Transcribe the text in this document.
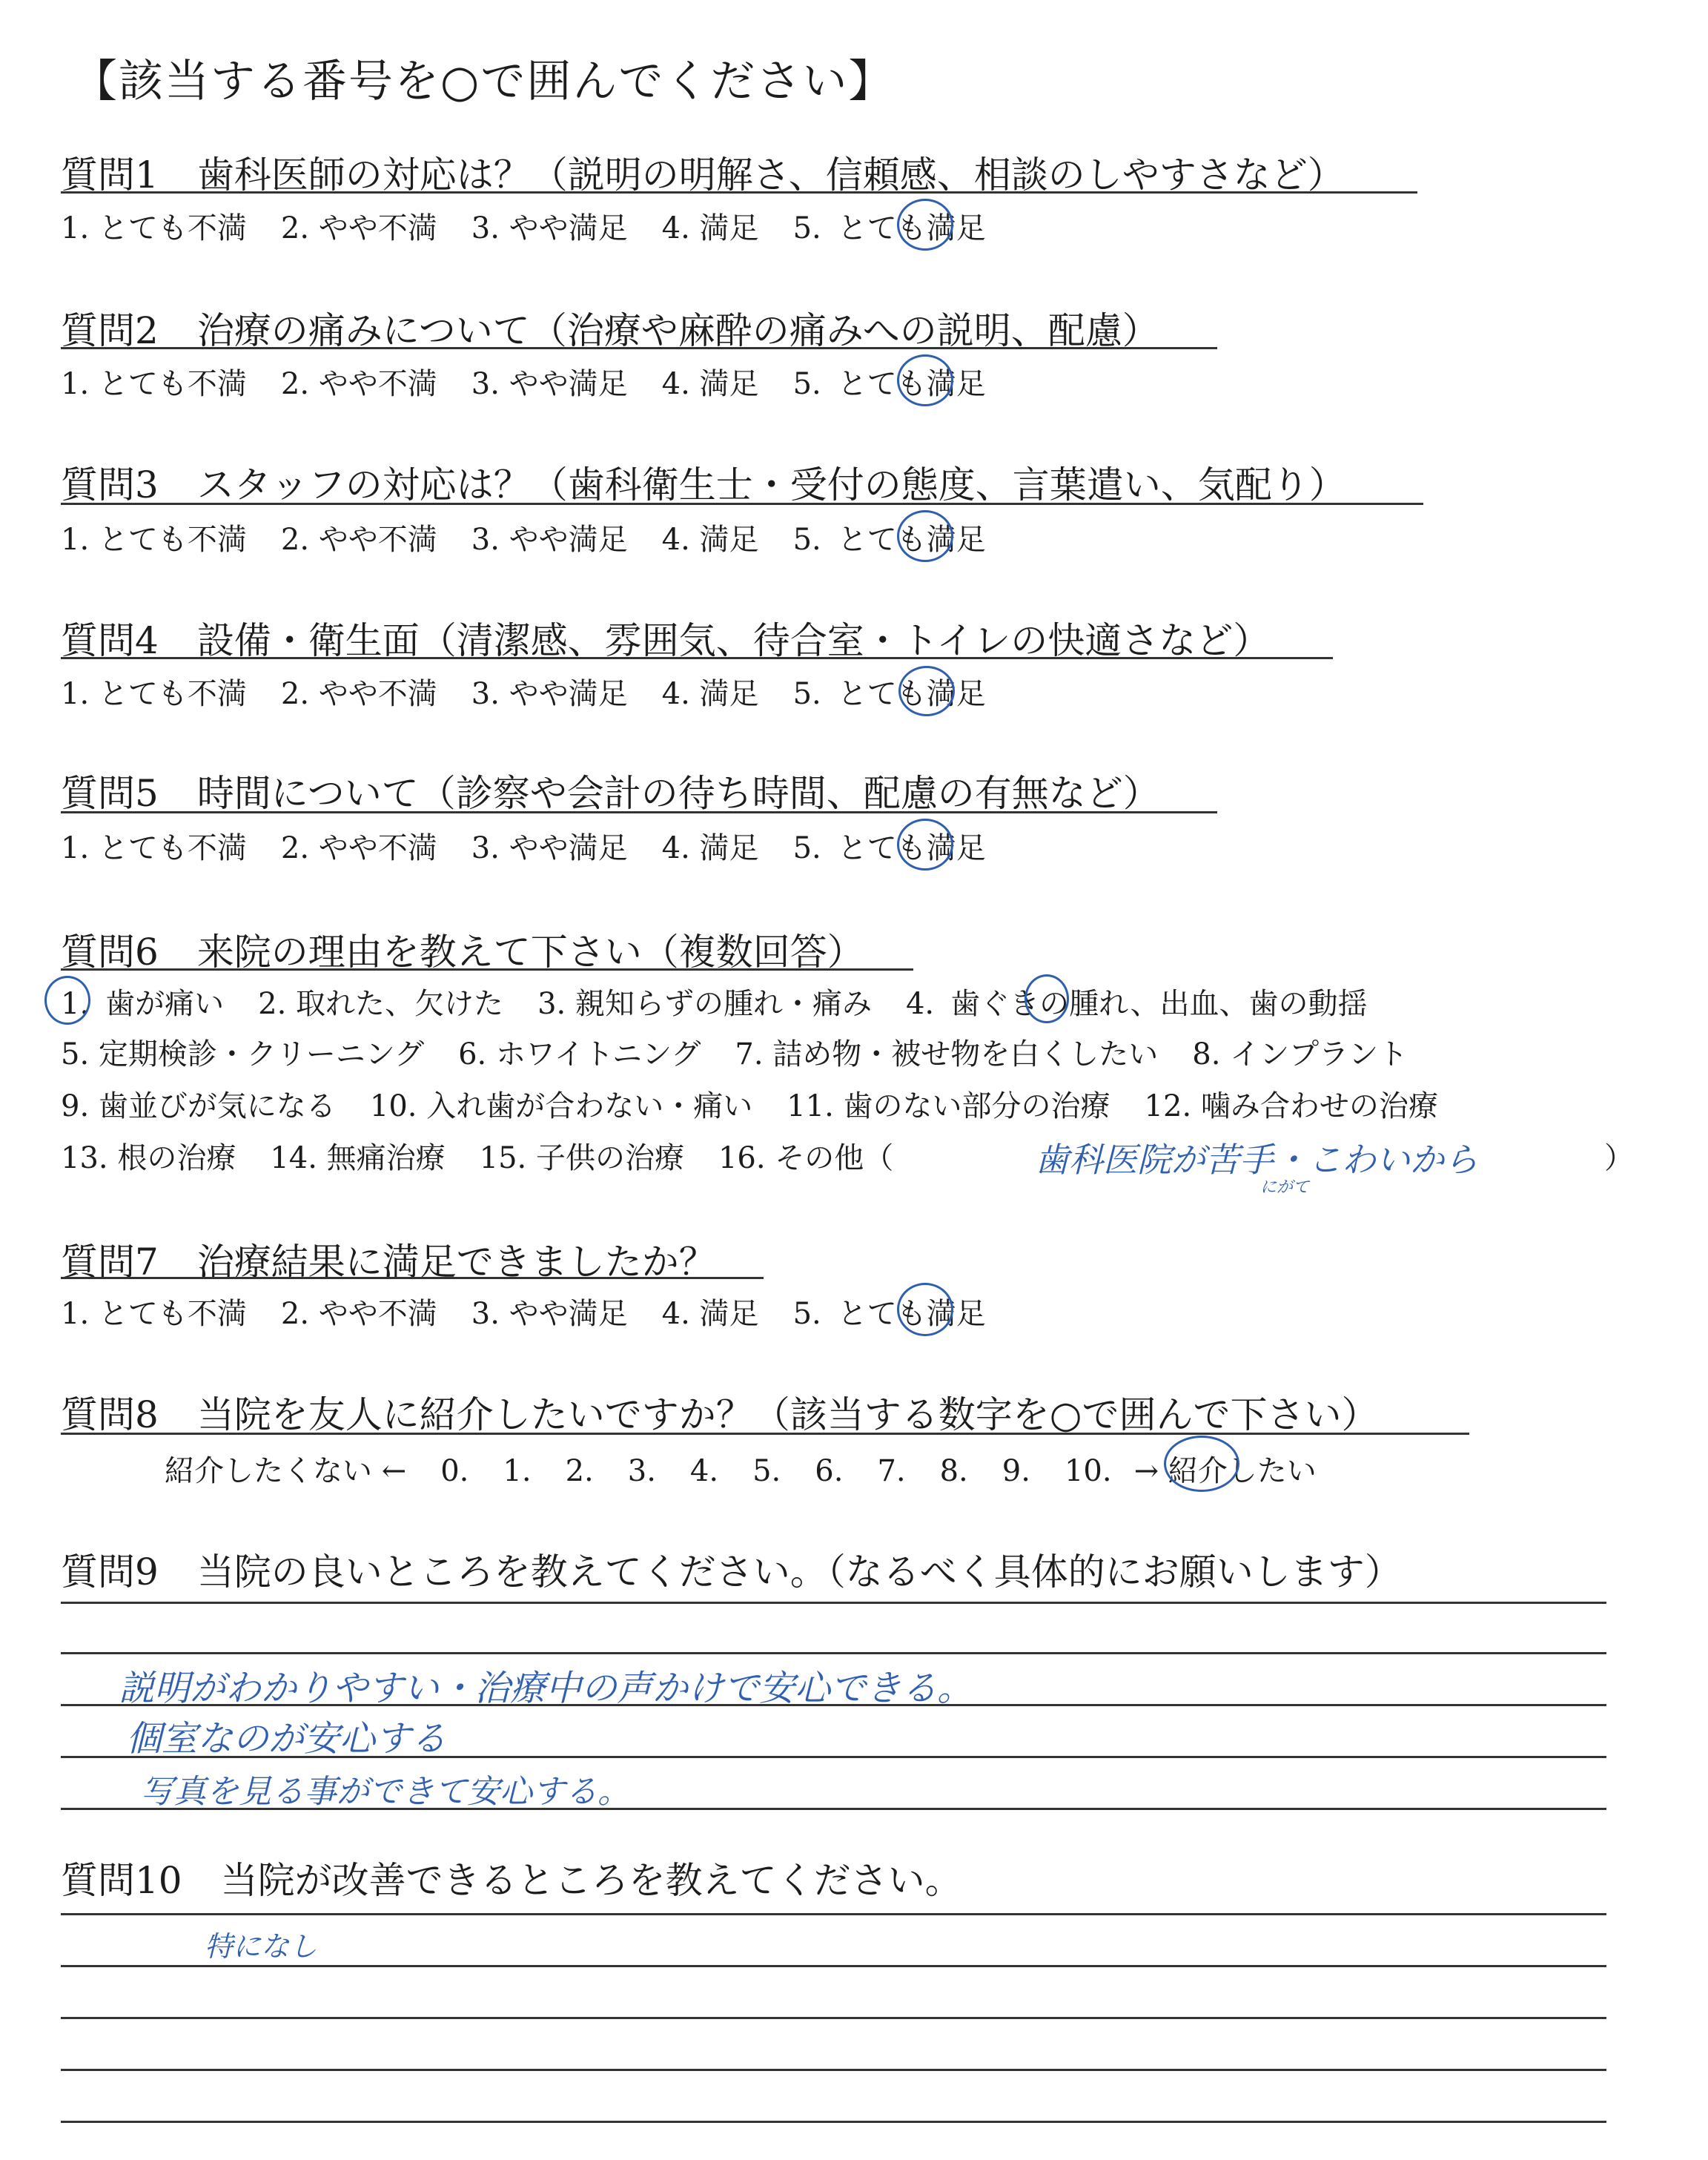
【該当する番号を○で囲んでください】
質問1 歯科医師の対応は？（説明の明解さ、信頼感、相談のしやすさなど）
1. とても不満 2. やや不満 3. やや満足 4. 満足 5. とても満足
質問2 治療の痛みについて（治療や麻酔の痛みへの説明、配慮）
1. とても不満 2. やや不満 3. やや満足 4. 満足 5. とても満足
質問3 スタッフの対応は？（歯科衛生士・受付の態度、言葉遣い、気配り）
1. とても不満 2. やや不満 3. やや満足 4. 満足 5. とても満足
質問4 設備・衛生面（清潔感、雰囲気、待合室・トイレの快適さなど）
1. とても不満 2. やや不満 3. やや満足 4. 満足 5. とても満足
質問5 時間について（診察や会計の待ち時間、配慮の有無など）
1. とても不満 2. やや不満 3. やや満足 4. 満足 5. とても満足
質問6 来院の理由を教えて下さい（複数回答）
1. 歯が痛い 2. 取れた、欠けた 3. 親知らずの腫れ・痛み 4. 歯ぐきの腫れ、出血、歯の動揺
5. 定期検診・クリーニング 6. ホワイトニング 7. 詰め物・被せ物を白くしたい 8. インプラント
9. 歯並びが気になる 10. 入れ歯が合わない・痛い 11. 歯のない部分の治療 12. 噛み合わせの治療
13. 根の治療 14. 無痛治療 15. 子供の治療 16. その他（	）
歯科医院が苦手・こわいから
にがて
質問7 治療結果に満足できましたか？
1. とても不満 2. やや不満 3. やや満足 4. 満足 5. とても満足
質問8 当院を友人に紹介したいですか？（該当する数字を○で囲んで下さい）
紹介したくない ← 0. 1. 2. 3. 4. 5. 6. 7. 8. 9. 10. → 紹介したい
質問9 当院の良いところを教えてください。（なるべく具体的にお願いします）
説明がわかりやすい・治療中の声かけで安心できる。
個室なのが安心する
写真を見る事ができて安心する。
質問10 当院が改善できるところを教えてください。
特になし
